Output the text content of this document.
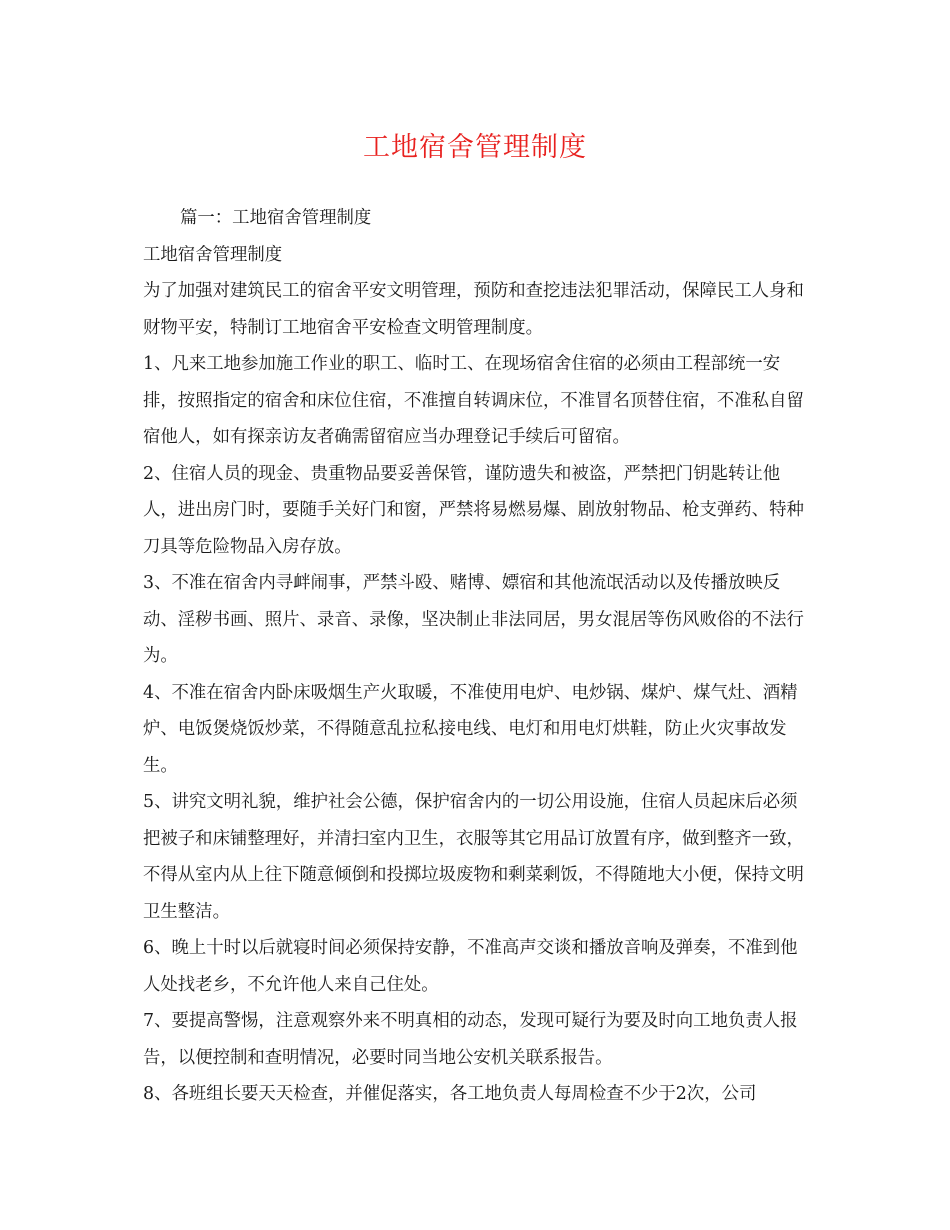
工地宿舍管理制度

篇一：工地宿舍管理制度

工地宿舍管理制度

为了加强对建筑民工的宿舍平安文明管理，预防和查挖违法犯罪活动，保障民工人身和财物平安，特制订工地宿舍平安检查文明管理制度。

1、凡来工地参加施工作业的职工、临时工、在现场宿舍住宿的必须由工程部统一安排，按照指定的宿舍和床位住宿，不准擅自转调床位，不准冒名顶替住宿，不准私自留宿他人，如有探亲访友者确需留宿应当办理登记手续后可留宿。

2、住宿人员的现金、贵重物品要妥善保管，谨防遗失和被盗，严禁把门钥匙转让他人，进出房门时，要随手关好门和窗，严禁将易燃易爆、剧放射物品、枪支弹药、特种刀具等危险物品入房存放。

3、不准在宿舍内寻衅闹事，严禁斗殴、赌博、嫖宿和其他流氓活动以及传播放映反动、淫秽书画、照片、录音、录像，坚决制止非法同居，男女混居等伤风败俗的不法行为。

4、不准在宿舍内卧床吸烟生产火取暖，不准使用电炉、电炒锅、煤炉、煤气灶、酒精炉、电饭煲烧饭炒菜，不得随意乱拉私接电线、电灯和用电灯烘鞋，防止火灾事故发生。

5、讲究文明礼貌，维护社会公德，保护宿舍内的一切公用设施，住宿人员起床后必须把被子和床铺整理好，并清扫室内卫生，衣服等其它用品订放置有序，做到整齐一致，不得从室内从上往下随意倾倒和投掷垃圾废物和剩菜剩饭，不得随地大小便，保持文明卫生整洁。

6、晚上十时以后就寝时间必须保持安静，不准高声交谈和播放音响及弹奏，不准到他人处找老乡，不允许他人来自己住处。

7、要提高警惕，注意观察外来不明真相的动态，发现可疑行为要及时向工地负责人报告，以便控制和查明情况，必要时同当地公安机关联系报告。

8、各班组长要天天检查，并催促落实，各工地负责人每周检查不少于2次，公司
